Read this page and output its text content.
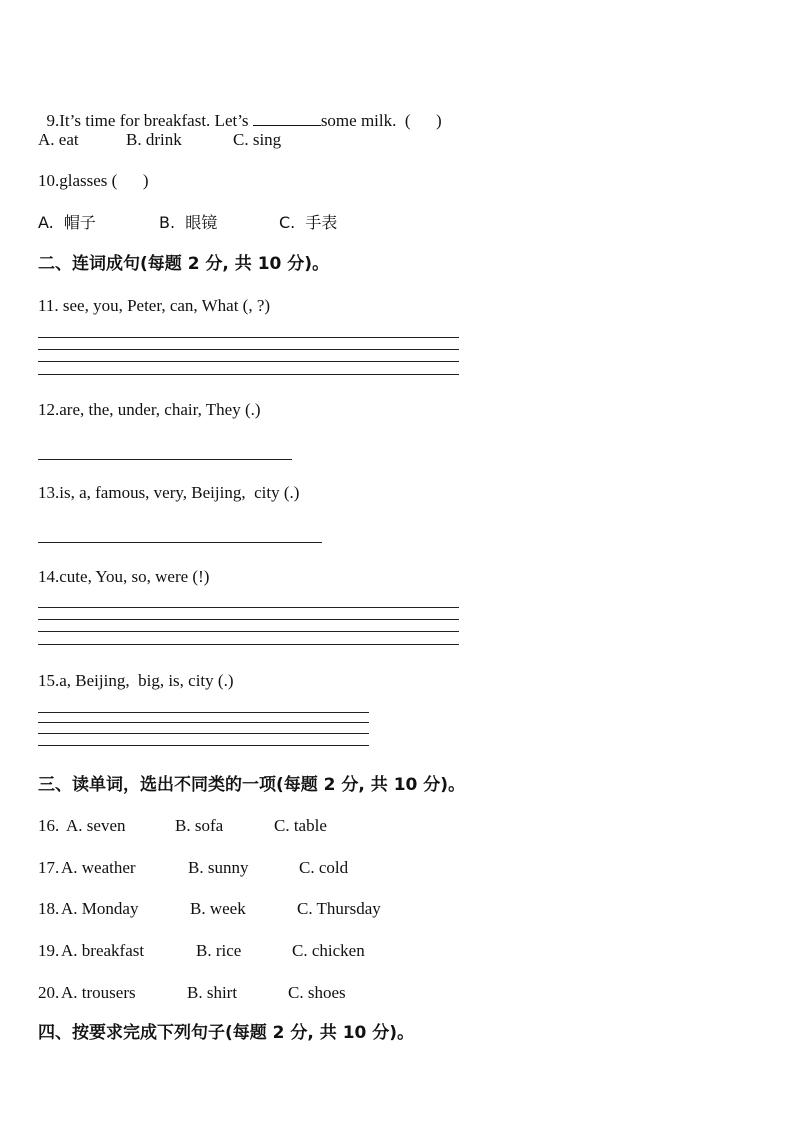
9.It’s time for breakfast. Let’s	some milk.  (      )

A. eat	B. drink	C. sing
10.glasses (      )
A.  帽子	B.  眼镜	C.  手表
二、连词成句(每题 2 分, 共 10 分)。
11. see, you, Peter, can, What (, ?)
12.are, the, under, chair, They (.)
13.is, a, famous, very, Beijing,  city (.)
14.cute, You, so, were (!)
15.a, Beijing,  big, is, city (.)
三、读单词，选出不同类的一项(每题 2 分, 共 10 分)。
16. A. seven	B. sofa	C. table
17. A. weather	B. sunny	C. cold
18. A. Monday	B. week	C. Thursday
19. A. breakfast	B. rice	C. chicken
20. A. trousers	B. shirt	C. shoes
四、按要求完成下列句子(每题 2 分, 共 10 分)。
